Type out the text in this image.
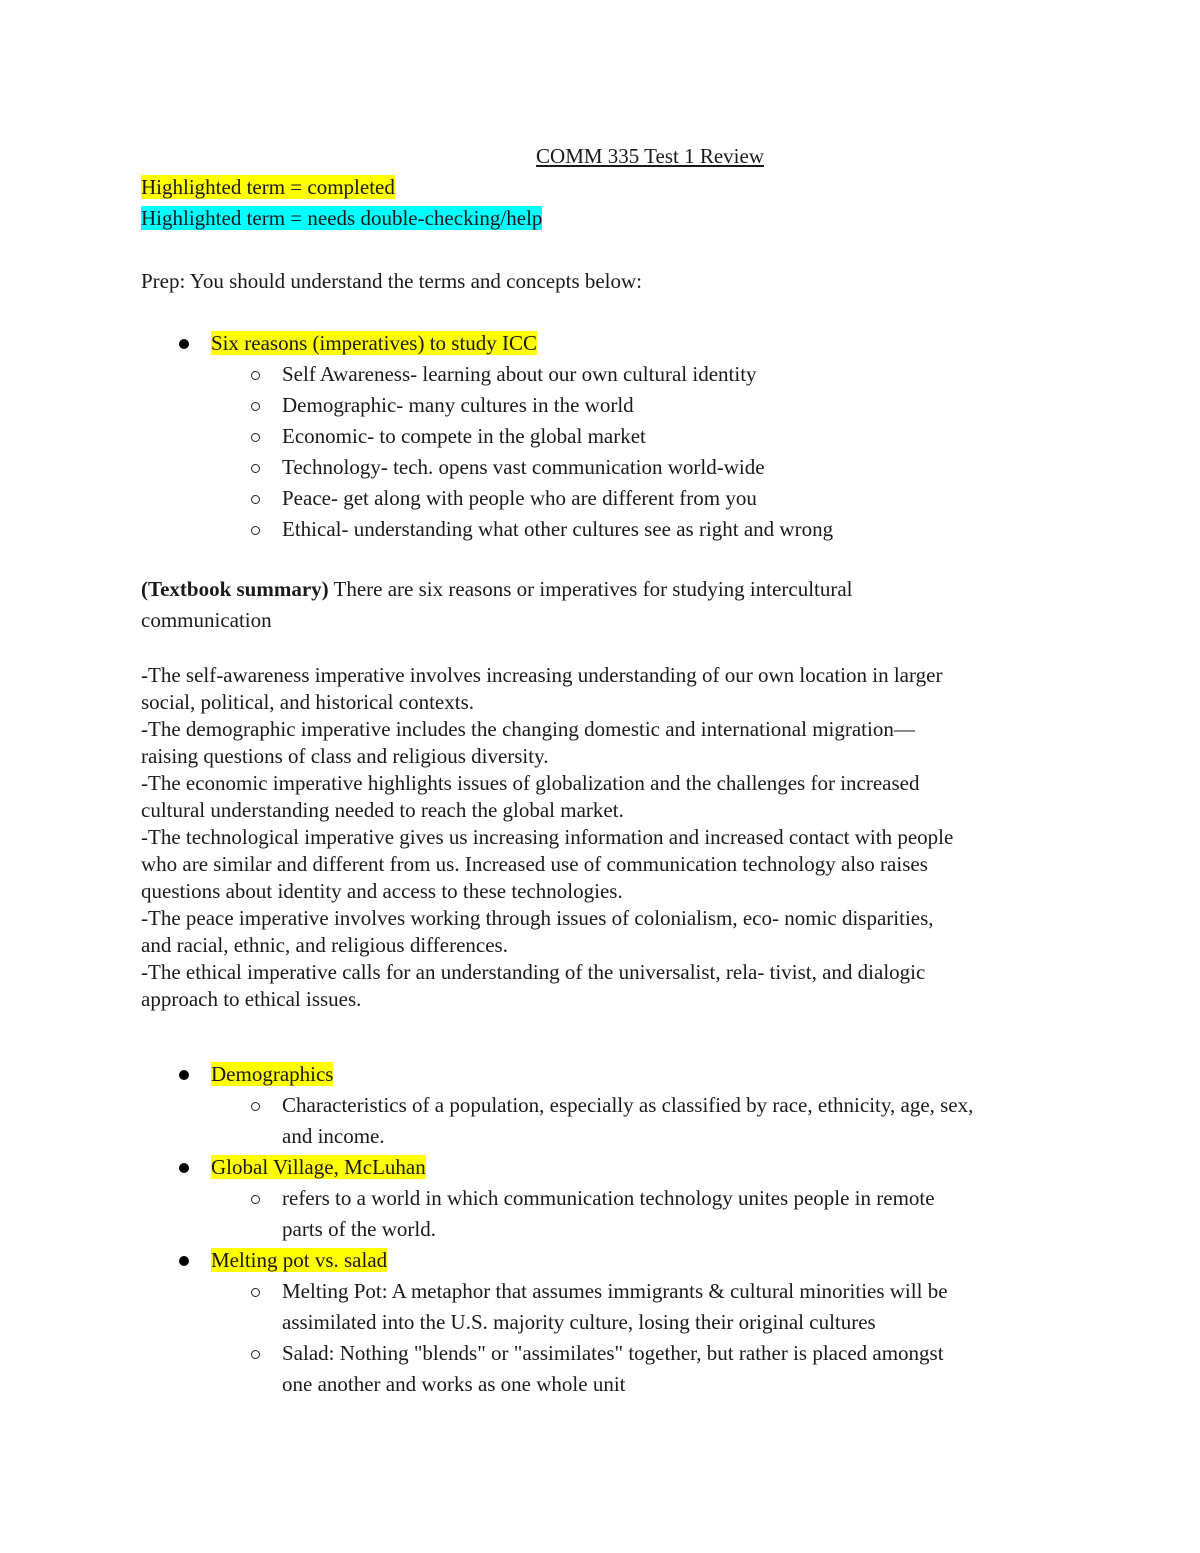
COMM 335 Test 1 Review
Highlighted term = completed
Highlighted term = needs double-checking/help
Prep: You should understand the terms and concepts below:
Six reasons (imperatives) to study ICC
Self Awareness- learning about our own cultural identity
Demographic- many cultures in the world
Economic- to compete in the global market
Technology- tech. opens vast communication world-wide
Peace- get along with people who are different from you
Ethical- understanding what other cultures see as right and wrong
(Textbook summary) There are six reasons or imperatives for studying intercultural
communication
-The self-awareness imperative involves increasing understanding of our own location in larger
social, political, and historical contexts.
-The demographic imperative includes the changing domestic and international migration—
raising questions of class and religious diversity.
-The economic imperative highlights issues of globalization and the challenges for increased
cultural understanding needed to reach the global market.
-The technological imperative gives us increasing information and increased contact with people
who are similar and different from us. Increased use of communication technology also raises
questions about identity and access to these technologies.
-The peace imperative involves working through issues of colonialism, eco- nomic disparities,
and racial, ethnic, and religious differences.
-The ethical imperative calls for an understanding of the universalist, rela- tivist, and dialogic
approach to ethical issues.
Demographics
Characteristics of a population, especially as classified by race, ethnicity, age, sex,
and income.
Global Village, McLuhan
refers to a world in which communication technology unites people in remote
parts of the world.
Melting pot vs. salad
Melting Pot: A metaphor that assumes immigrants & cultural minorities will be
assimilated into the U.S. majority culture, losing their original cultures
Salad: Nothing "blends" or "assimilates" together, but rather is placed amongst
one another and works as one whole unit
